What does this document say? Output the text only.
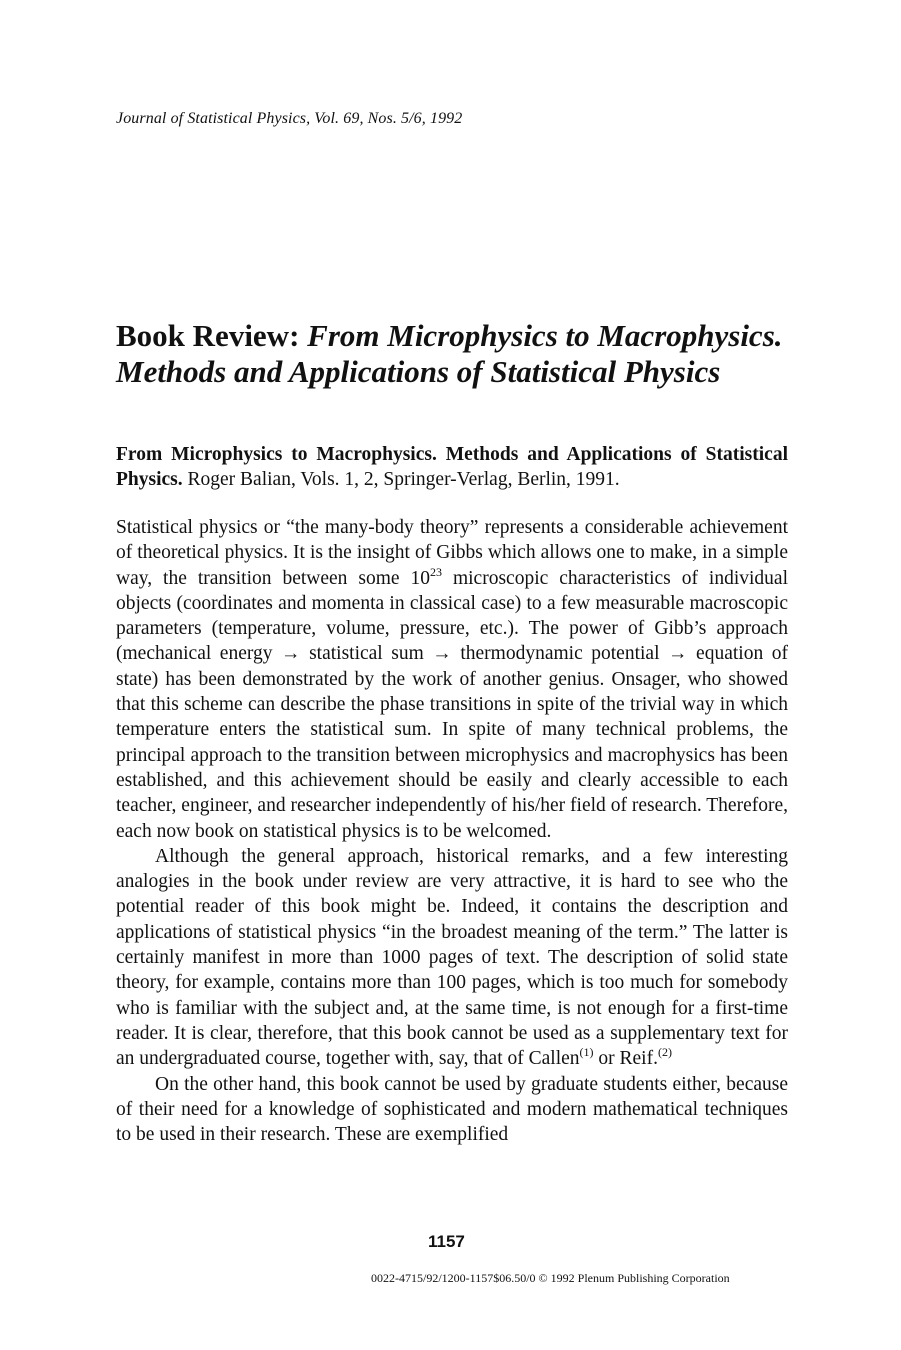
Journal of Statistical Physics, Vol. 69, Nos. 5/6, 1992
Book Review: From Microphysics to Macrophysics.
Methods and Applications of Statistical Physics
From Microphysics to Macrophysics. Methods and Applications of Statistical Physics. Roger Balian, Vols. 1, 2, Springer-Verlag, Berlin, 1991.

Statistical physics or “the many-body theory” represents a considerable achievement of theoretical physics. It is the insight of Gibbs which allows one to make, in a simple way, the transition between some $10^{23}$ microscopic characteristics of individual objects (coordinates and momenta in classical case) to a few measurable macroscopic parameters (temperature, volume, pressure, etc.). The power of Gibb’s approach (mechanical energy → statistical sum → thermodynamic potential → equation of state) has been demonstrated by the work of another genius. Onsager, who showed that this scheme can describe the phase transitions in spite of the trivial way in which temperature enters the statistical sum. In spite of many technical problems, the principal approach to the transition between microphysics and macrophysics has been established, and this achievement should be easily and clearly accessible to each teacher, engineer, and researcher independently of his/her field of research. Therefore, each now book on statistical physics is to be welcomed.

Although the general approach, historical remarks, and a few interesting analogies in the book under review are very attractive, it is hard to see who the potential reader of this book might be. Indeed, it contains the description and applications of statistical physics “in the broadest meaning of the term.” The latter is certainly manifest in more than 1000 pages of text. The description of solid state theory, for example, contains more than 100 pages, which is too much for somebody who is familiar with the subject and, at the same time, is not enough for a first-time reader. It is clear, therefore, that this book cannot be used as a supplementary text for an undergraduated course, together with, say, that of Callen$^{(1)}$ or Reif.$^{(2)}$

On the other hand, this book cannot be used by graduate students either, because of their need for a knowledge of sophisticated and modern mathematical techniques to be used in their research. These are exemplified

1157
0022-4715/92/1200-1157$06.50/0 © 1992 Plenum Publishing Corporation
